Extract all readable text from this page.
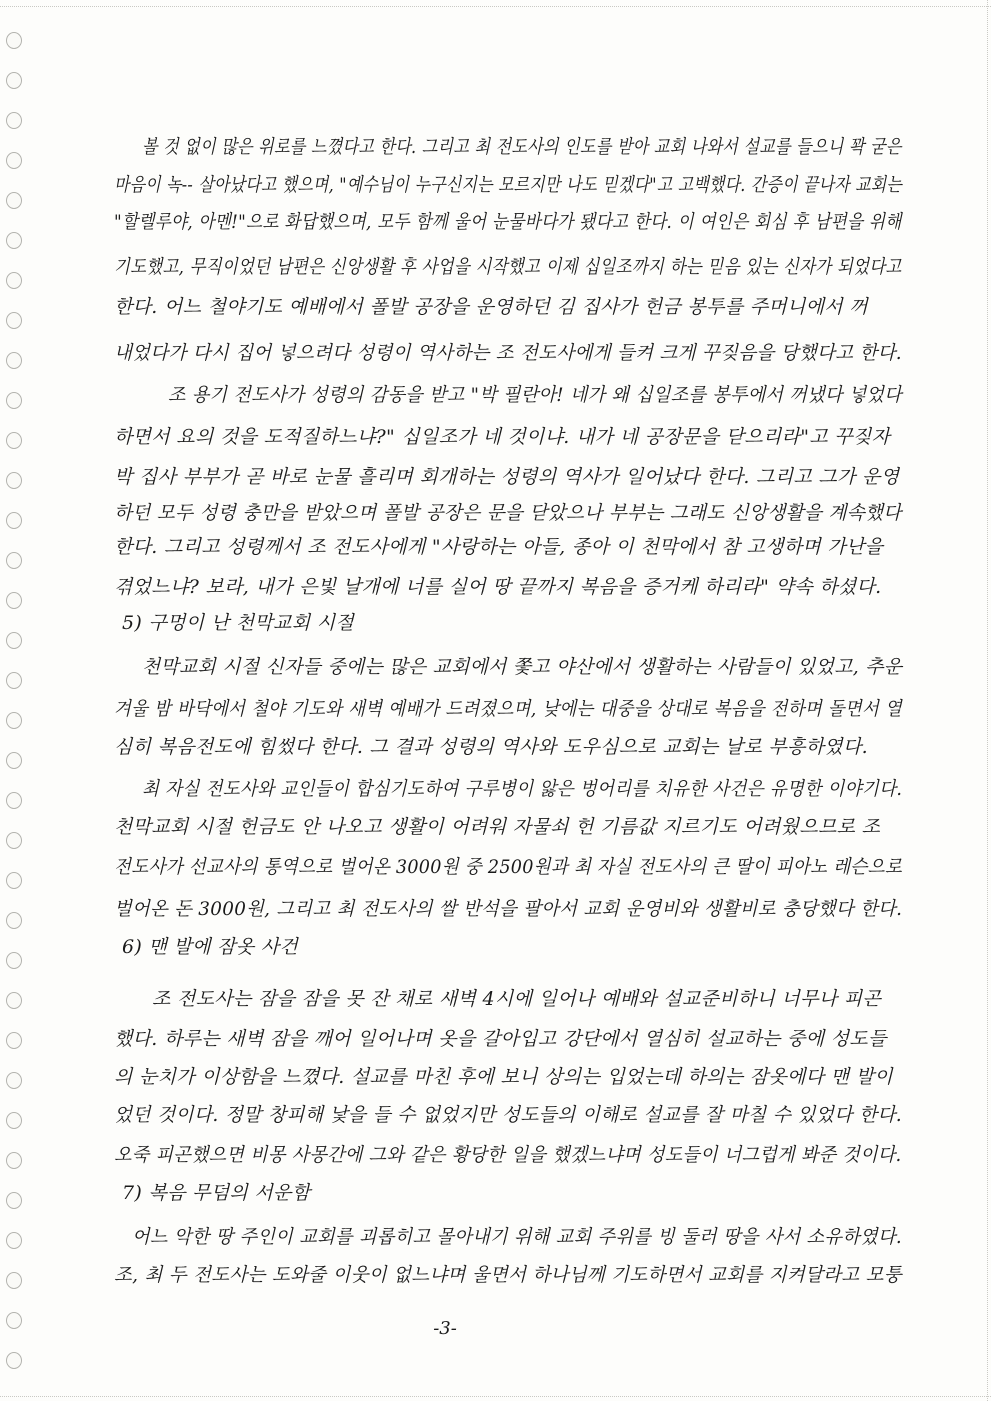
볼 것 없이 많은 위로를 느꼈다고 한다. 그리고 최 전도사의 인도를 받아 교회 나와서 설교를 들으니 꽉 굳은
마음이 녹-- 살아났다고 했으며, "예수님이 누구신지는 모르지만 나도 믿겠다"고 고백했다. 간증이 끝나자 교회는
"할렐루야, 아멘!"으로 화답했으며, 모두 함께 울어 눈물바다가 됐다고 한다. 이 여인은 회심 후 남편을 위해
기도했고, 무직이었던 남편은 신앙생활 후 사업을 시작했고 이제 십일조까지 하는 믿음 있는 신자가 되었다고
한다. 어느 철야기도 예배에서 폴발 공장을 운영하던 김 집사가 헌금 봉투를 주머니에서 꺼
내었다가 다시 집어 넣으려다 성령이 역사하는 조 전도사에게 들켜 크게 꾸짖음을 당했다고 한다.
조 용기 전도사가 성령의 감동을 받고 "박 필란아! 네가 왜 십일조를 봉투에서 꺼냈다 넣었다
하면서 요의 것을 도적질하느냐?" 십일조가 네 것이냐. 내가 네 공장문을 닫으리라"고 꾸짖자
박 집사 부부가 곧 바로 눈물 흘리며 회개하는 성령의 역사가 일어났다 한다. 그리고 그가 운영
하던 모두 성령 충만을 받았으며 폴발 공장은 문을 닫았으나 부부는 그래도 신앙생활을 계속했다
한다. 그리고 성령께서 조 전도사에게 "사랑하는 아들, 종아 이 천막에서 참 고생하며 가난을
겪었느냐? 보라, 내가 은빛 날개에 너를 실어 땅 끝까지 복음을 증거케 하리라" 약속 하셨다.
5) 구멍이 난 천막교회 시절
천막교회 시절 신자들 중에는 많은 교회에서 쫓고 야산에서 생활하는 사람들이 있었고, 추운
겨울 밤 바닥에서 철야 기도와 새벽 예배가 드려졌으며, 낮에는 대중을 상대로 복음을 전하며 돌면서 열
심히 복음전도에 힘썼다 한다. 그 결과 성령의 역사와 도우심으로 교회는 날로 부흥하였다.
최 자실 전도사와 교인들이 합심기도하여 구루병이 앓은 벙어리를 치유한 사건은 유명한 이야기다.
천막교회 시절 헌금도 안 나오고 생활이 어려워 자물쇠 헌 기름값 지르기도 어려웠으므로 조
전도사가 선교사의 통역으로 벌어온 3000원 중 2500원과 최 자실 전도사의 큰 딸이 피아노 레슨으로
벌어온 돈 3000원, 그리고 최 전도사의 쌀 반석을 팔아서 교회 운영비와 생활비로 충당했다 한다.
6) 맨 발에 잠옷 사건
조 전도사는 잠을 잠을 못 잔 채로 새벽 4시에 일어나 예배와 설교준비하니 너무나 피곤
했다. 하루는 새벽 잠을 깨어 일어나며 옷을 갈아입고 강단에서 열심히 설교하는 중에 성도들
의 눈치가 이상함을 느꼈다. 설교를 마친 후에 보니 상의는 입었는데 하의는 잠옷에다 맨 발이
었던 것이다. 정말 창피해 낯을 들 수 없었지만 성도들의 이해로 설교를 잘 마칠 수 있었다 한다.
오죽 피곤했으면 비몽 사몽간에 그와 같은 황당한 일을 했겠느냐며 성도들이 너그럽게 봐준 것이다.
7) 복음 무덤의 서운함
어느 악한 땅 주인이 교회를 괴롭히고 몰아내기 위해 교회 주위를 빙 둘러 땅을 사서 소유하였다.
조, 최 두 전도사는 도와줄 이웃이 없느냐며 울면서 하나님께 기도하면서 교회를 지켜달라고 모퉁
-3-
